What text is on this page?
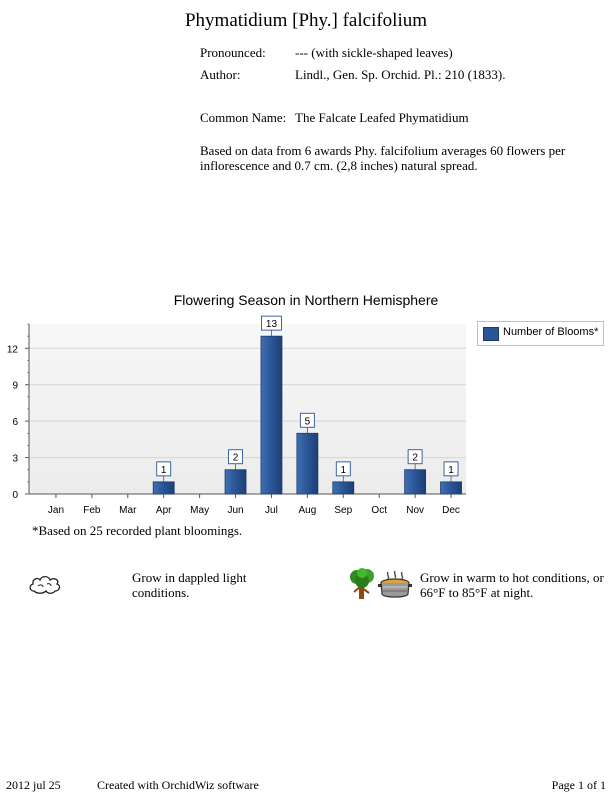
Phymatidium [Phy.] falcifolium
Pronounced: --- (with sickle-shaped leaves)
Author:	Lindl., Gen. Sp. Orchid. Pl.: 210 (1833).
Common Name: The Falcate Leafed Phymatidium
Based on data from 6 awards Phy. falcifolium averages 60 flowers per
inflorescence and 0.7 cm. (2,8 inches) natural spread.
Flowering Season in Northern Hemisphere
0
3
6
9
12
Jan Feb Mar Apr
1
May Jun
2
Jul
13
Aug
5
Sep
1
Oct Nov
2
Dec
1
Number of Blooms*
*Based on 25 recorded plant bloomings.
Grow in dappled light
conditions.
Grow in warm to hot conditions, or
66°F to 85°F at night.
2012 jul 25	Created with OrchidWiz software	Page 1 of 1
